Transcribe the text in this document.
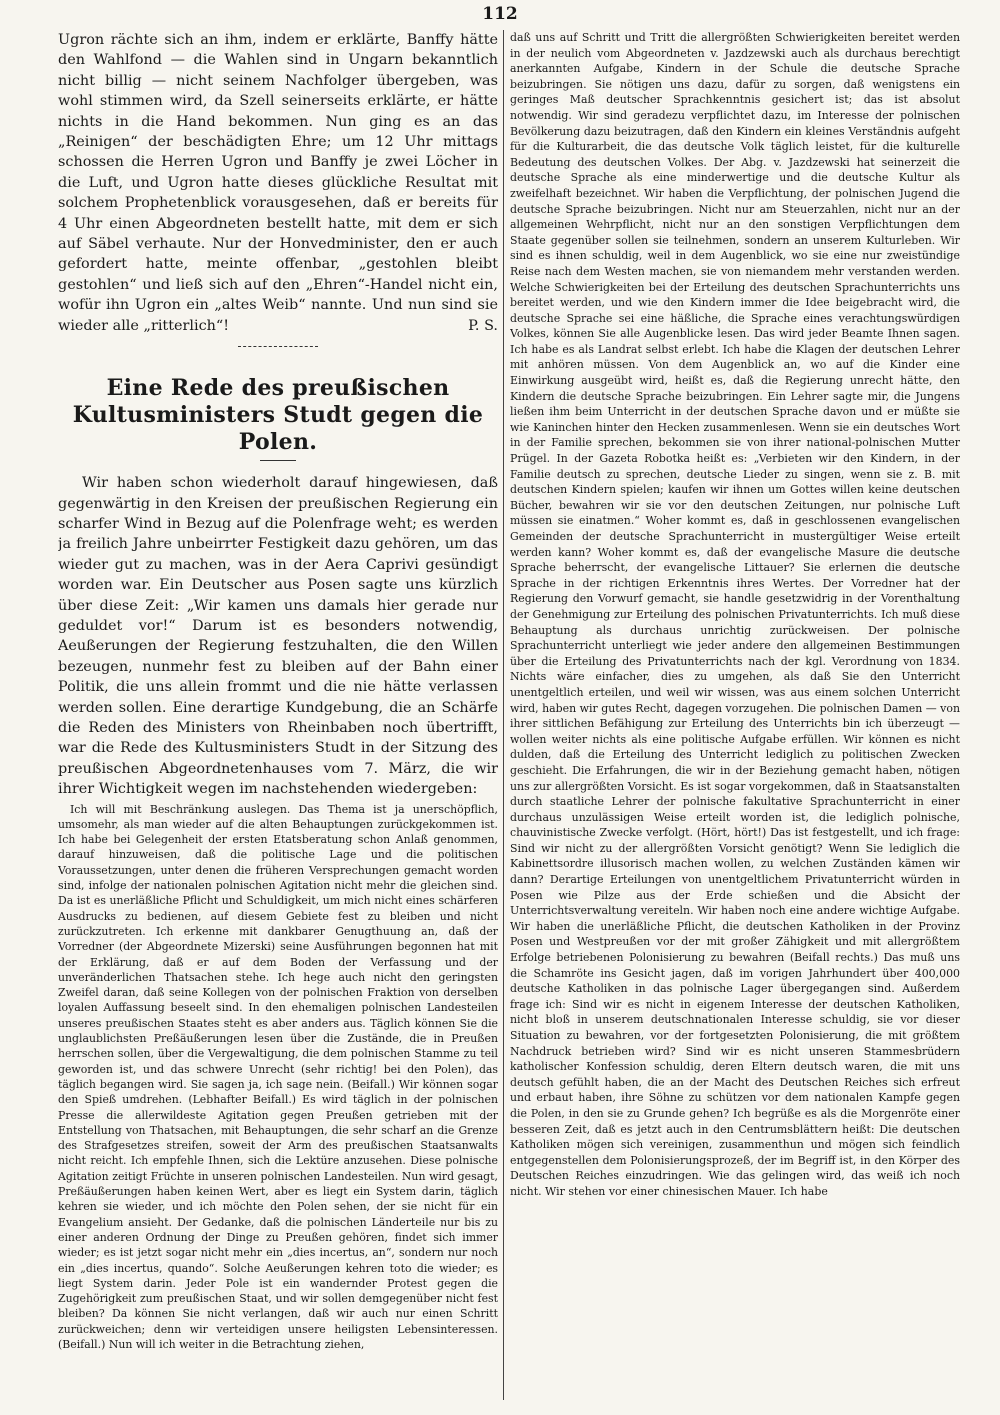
112

Ugron rächte sich an ihm, indem er erklärte, Banffy hätte den Wahlfond — die Wahlen sind in Ungarn bekanntlich nicht billig — nicht seinem Nachfolger übergeben, was wohl stimmen wird, da Szell seinerseits erklärte, er hätte nichts in die Hand bekommen. Nun ging es an das „Reinigen“ der beschädigten Ehre; um 12 Uhr mittags schossen die Herren Ugron und Banffy je zwei Löcher in die Luft, und Ugron hatte dieses glückliche Resultat mit solchem Prophetenblick vorausgesehen, daß er bereits für 4 Uhr einen Abgeordneten bestellt hatte, mit dem er sich auf Säbel verhaute. Nur der Honvedminister, den er auch gefordert hatte, meinte offenbar, „gestohlen bleibt gestohlen“ und ließ sich auf den „Ehren“-Handel nicht ein, wofür ihn Ugron ein „altes Weib“ nannte. Und nun sind sie wieder alle „ritterlich“!	P. S.

Eine Rede des preußischen Kultusministers Studt gegen die Polen.

Wir haben schon wiederholt darauf hingewiesen, daß gegenwärtig in den Kreisen der preußischen Regierung ein scharfer Wind in Bezug auf die Polenfrage weht; es werden ja freilich Jahre unbeirrter Festigkeit dazu gehören, um das wieder gut zu machen, was in der Aera Caprivi gesündigt worden war. Ein Deutscher aus Posen sagte uns kürzlich über diese Zeit: „Wir kamen uns damals hier gerade nur geduldet vor!“ Darum ist es besonders notwendig, Aeußerungen der Regierung festzuhalten, die den Willen bezeugen, nunmehr fest zu bleiben auf der Bahn einer Politik, die uns allein frommt und die nie hätte verlassen werden sollen. Eine derartige Kundgebung, die an Schärfe die Reden des Ministers von Rheinbaben noch übertrifft, war die Rede des Kultusministers Studt in der Sitzung des preußischen Abgeordnetenhauses vom 7. März, die wir ihrer Wichtigkeit wegen im nachstehenden wiedergeben:

Ich will mit Beschränkung auslegen. Das Thema ist ja unerschöpflich, umsomehr, als man wieder auf die alten Behauptungen zurückgekommen ist. Ich habe bei Gelegenheit der ersten Etatsberatung schon Anlaß genommen, darauf hinzuweisen, daß die politische Lage und die politischen Voraussetzungen, unter denen die früheren Versprechungen gemacht worden sind, infolge der nationalen polnischen Agitation nicht mehr die gleichen sind. Da ist es unerläßliche Pflicht und Schuldigkeit, um mich nicht eines schärferen Ausdrucks zu bedienen, auf diesem Gebiete fest zu bleiben und nicht zurückzutreten. Ich erkenne mit dankbarer Genugthuung an, daß der Vorredner (der Abgeordnete Mizerski) seine Ausführungen begonnen hat mit der Erklärung, daß er auf dem Boden der Verfassung und der unveränderlichen Thatsachen stehe. Ich hege auch nicht den geringsten Zweifel daran, daß seine Kollegen von der polnischen Fraktion von derselben loyalen Auffassung beseelt sind. In den ehemaligen polnischen Landesteilen unseres preußischen Staates steht es aber anders aus. Täglich können Sie die unglaublichsten Preßäußerungen lesen über die Zustände, die in Preußen herrschen sollen, über die Vergewaltigung, die dem polnischen Stamme zu teil geworden ist, und das schwere Unrecht (sehr richtig! bei den Polen), das täglich begangen wird. Sie sagen ja, ich sage nein. (Beifall.) Wir können sogar den Spieß umdrehen. (Lebhafter Beifall.) Es wird täglich in der polnischen Presse die allerwildeste Agitation gegen Preußen getrieben mit der Entstellung von Thatsachen, mit Behauptungen, die sehr scharf an die Grenze des Strafgesetzes streifen, soweit der Arm des preußischen Staatsanwalts nicht reicht. Ich empfehle Ihnen, sich die Lektüre anzusehen. Diese polnische Agitation zeitigt Früchte in unseren polnischen Landesteilen. Nun wird gesagt, Preßäußerungen haben keinen Wert, aber es liegt ein System darin, täglich kehren sie wieder, und ich möchte den Polen sehen, der sie nicht für ein Evangelium ansieht. Der Gedanke, daß die polnischen Länderteile nur bis zu einer anderen Ordnung der Dinge zu Preußen gehören, findet sich immer wieder; es ist jetzt sogar nicht mehr ein „dies incertus, an“, sondern nur noch ein „dies incertus, quando“. Solche Aeußerungen kehren toto die wieder; es liegt System darin. Jeder Pole ist ein wandernder Protest gegen die Zugehörigkeit zum preußischen Staat, und wir sollen demgegenüber nicht fest bleiben? Da können Sie nicht verlangen, daß wir auch nur einen Schritt zurückweichen; denn wir verteidigen unsere heiligsten Lebensinteressen. (Beifall.) Nun will ich weiter in die Betrachtung ziehen,

daß uns auf Schritt und Tritt die allergrößten Schwierigkeiten bereitet werden in der neulich vom Abgeordneten v. Jazdzewski auch als durchaus berechtigt anerkannten Aufgabe, Kindern in der Schule die deutsche Sprache beizubringen. Sie nötigen uns dazu, dafür zu sorgen, daß wenigstens ein geringes Maß deutscher Sprachkenntnis gesichert ist; das ist absolut notwendig. Wir sind geradezu verpflichtet dazu, im Interesse der polnischen Bevölkerung dazu beizutragen, daß den Kindern ein kleines Verständnis aufgeht für die Kulturarbeit, die das deutsche Volk täglich leistet, für die kulturelle Bedeutung des deutschen Volkes. Der Abg. v. Jazdzewski hat seinerzeit die deutsche Sprache als eine minderwertige und die deutsche Kultur als zweifelhaft bezeichnet. Wir haben die Verpflichtung, der polnischen Jugend die deutsche Sprache beizubringen. Nicht nur am Steuerzahlen, nicht nur an der allgemeinen Wehrpflicht, nicht nur an den sonstigen Verpflichtungen dem Staate gegenüber sollen sie teilnehmen, sondern an unserem Kulturleben. Wir sind es ihnen schuldig, weil in dem Augenblick, wo sie eine nur zweistündige Reise nach dem Westen machen, sie von niemandem mehr verstanden werden. Welche Schwierigkeiten bei der Erteilung des deutschen Sprachunterrichts uns bereitet werden, und wie den Kindern immer die Idee beigebracht wird, die deutsche Sprache sei eine häßliche, die Sprache eines verachtungswürdigen Volkes, können Sie alle Augenblicke lesen. Das wird jeder Beamte Ihnen sagen. Ich habe es als Landrat selbst erlebt. Ich habe die Klagen der deutschen Lehrer mit anhören müssen. Von dem Augenblick an, wo auf die Kinder eine Einwirkung ausgeübt wird, heißt es, daß die Regierung unrecht hätte, den Kindern die deutsche Sprache beizubringen. Ein Lehrer sagte mir, die Jungens ließen ihm beim Unterricht in der deutschen Sprache davon und er müßte sie wie Kaninchen hinter den Hecken zusammenlesen. Wenn sie ein deutsches Wort in der Familie sprechen, bekommen sie von ihrer national-polnischen Mutter Prügel. In der Gazeta Robotka heißt es: „Verbieten wir den Kindern, in der Familie deutsch zu sprechen, deutsche Lieder zu singen, wenn sie z. B. mit deutschen Kindern spielen; kaufen wir ihnen um Gottes willen keine deutschen Bücher, bewahren wir sie vor den deutschen Zeitungen, nur polnische Luft müssen sie einatmen.“ Woher kommt es, daß in geschlossenen evangelischen Gemeinden der deutsche Sprachunterricht in mustergültiger Weise erteilt werden kann? Woher kommt es, daß der evangelische Masure die deutsche Sprache beherrscht, der evangelische Littauer? Sie erlernen die deutsche Sprache in der richtigen Erkenntnis ihres Wertes. Der Vorredner hat der Regierung den Vorwurf gemacht, sie handle gesetzwidrig in der Vorenthaltung der Genehmigung zur Erteilung des polnischen Privatunterrichts. Ich muß diese Behauptung als durchaus unrichtig zurückweisen. Der polnische Sprachunterricht unterliegt wie jeder andere den allgemeinen Bestimmungen über die Erteilung des Privatunterrichts nach der kgl. Verordnung von 1834. Nichts wäre einfacher, dies zu umgehen, als daß Sie den Unterricht unentgeltlich erteilen, und weil wir wissen, was aus einem solchen Unterricht wird, haben wir gutes Recht, dagegen vorzugehen. Die polnischen Damen — von ihrer sittlichen Befähigung zur Erteilung des Unterrichts bin ich überzeugt — wollen weiter nichts als eine politische Aufgabe erfüllen. Wir können es nicht dulden, daß die Erteilung des Unterricht lediglich zu politischen Zwecken geschieht. Die Erfahrungen, die wir in der Beziehung gemacht haben, nötigen uns zur allergrößten Vorsicht. Es ist sogar vorgekommen, daß in Staatsanstalten durch staatliche Lehrer der polnische fakultative Sprachunterricht in einer durchaus unzulässigen Weise erteilt worden ist, die lediglich polnische, chauvinistische Zwecke verfolgt. (Hört, hört!) Das ist festgestellt, und ich frage: Sind wir nicht zu der allergrößten Vorsicht genötigt? Wenn Sie lediglich die Kabinettsordre illusorisch machen wollen, zu welchen Zuständen kämen wir dann? Derartige Erteilungen von unentgeltlichem Privatunterricht würden in Posen wie Pilze aus der Erde schießen und die Absicht der Unterrichtsverwaltung vereiteln. Wir haben noch eine andere wichtige Aufgabe. Wir haben die unerläßliche Pflicht, die deutschen Katholiken in der Provinz Posen und Westpreußen vor der mit großer Zähigkeit und mit allergrößtem Erfolge betriebenen Polonisierung zu bewahren (Beifall rechts.) Das muß uns die Schamröte ins Gesicht jagen, daß im vorigen Jahrhundert über 400,000 deutsche Katholiken in das polnische Lager übergegangen sind. Außerdem frage ich: Sind wir es nicht in eigenem Interesse der deutschen Katholiken, nicht bloß in unserem deutschnationalen Interesse schuldig, sie vor dieser Situation zu bewahren, vor der fortgesetzten Polonisierung, die mit größtem Nachdruck betrieben wird? Sind wir es nicht unseren Stammesbrüdern katholischer Konfession schuldig, deren Eltern deutsch waren, die mit uns deutsch gefühlt haben, die an der Macht des Deutschen Reiches sich erfreut und erbaut haben, ihre Söhne zu schützen vor dem nationalen Kampfe gegen die Polen, in den sie zu Grunde gehen? Ich begrüße es als die Morgenröte einer besseren Zeit, daß es jetzt auch in den Centrumsblättern heißt: Die deutschen Katholiken mögen sich vereinigen, zusammenthun und mögen sich feindlich entgegenstellen dem Polonisierungsprozeß, der im Begriff ist, in den Körper des Deutschen Reiches einzudringen. Wie das gelingen wird, das weiß ich noch nicht. Wir stehen vor einer chinesischen Mauer. Ich habe
